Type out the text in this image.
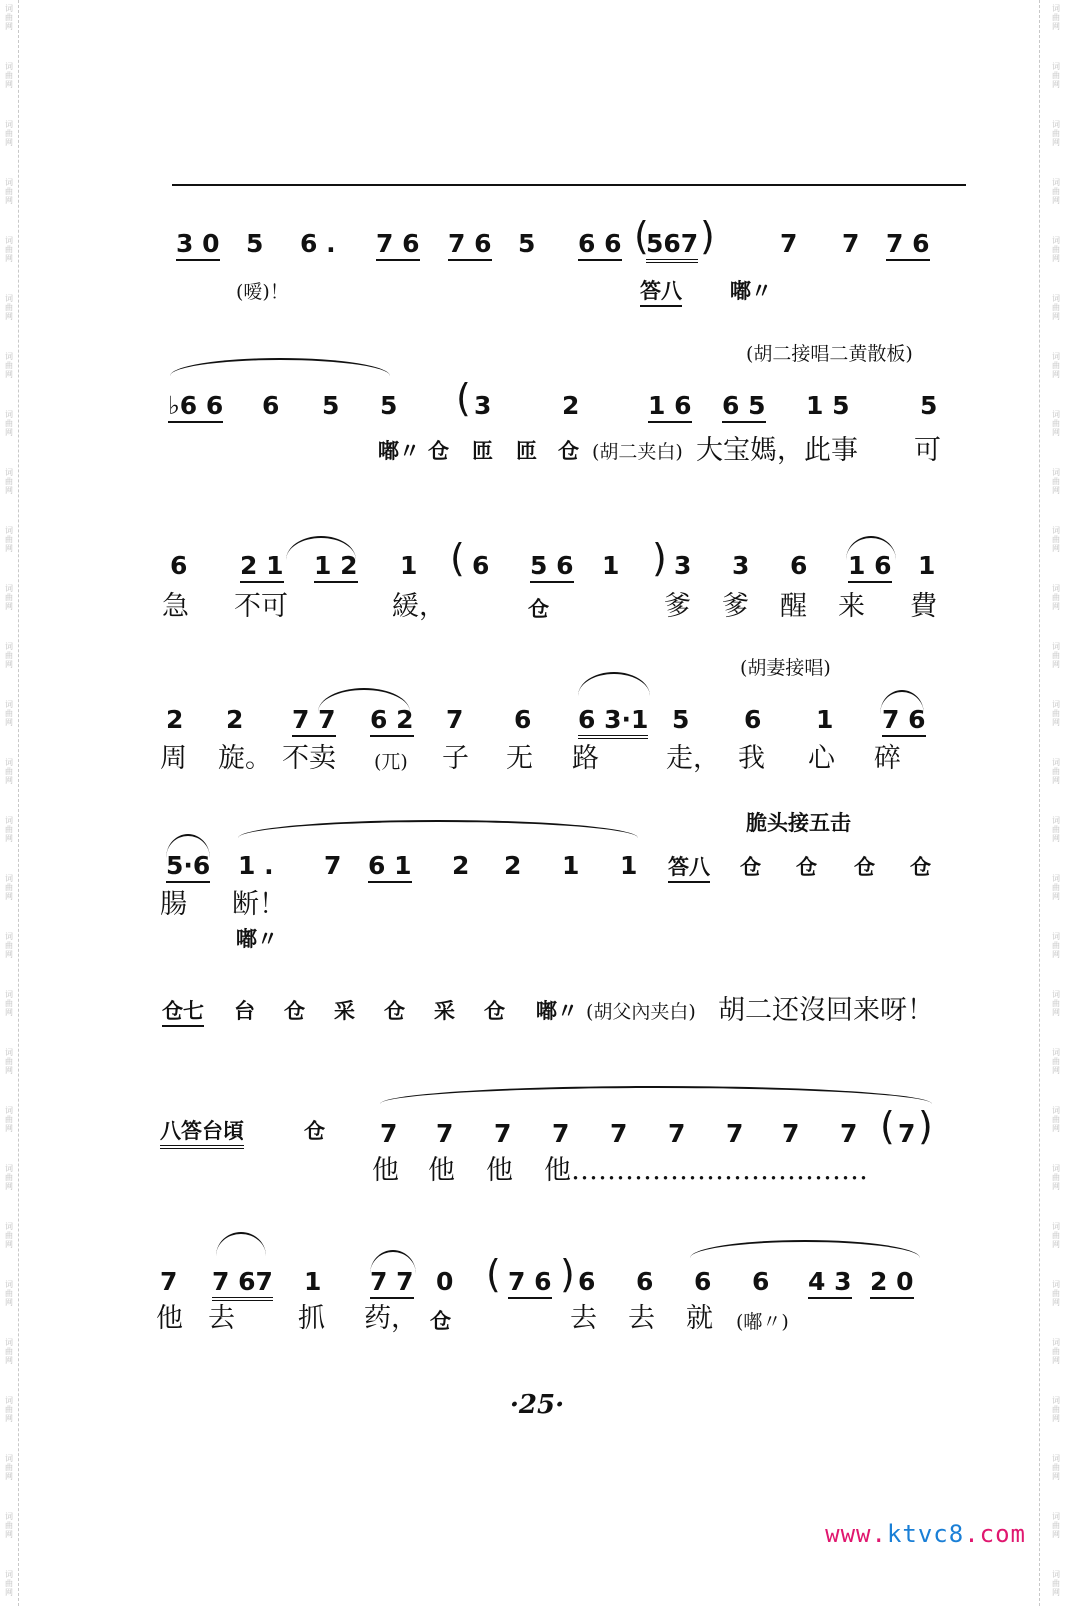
词曲网
词曲网
词曲网
词曲网
词曲网
词曲网
词曲网
词曲网
词曲网
词曲网
词曲网
词曲网
词曲网
词曲网
词曲网
词曲网
词曲网
词曲网
词曲网
词曲网
词曲网
词曲网
词曲网
词曲网
词曲网
词曲网
词曲网
词曲网
词曲网
词曲网
词曲网
词曲网
词曲网
词曲网
词曲网
词曲网
词曲网
词曲网
词曲网
词曲网
词曲网
词曲网
词曲网
词曲网
词曲网
词曲网
词曲网
词曲网
词曲网
词曲网
词曲网
词曲网
词曲网
词曲网
词曲网
词曲网
3 0 5 6 . 7 6 7 6 5 6 6 (
567 )	7 7 7 6
(嗳)！	答八 嘟〃
(胡二接唱二黄散板)
♭6 6 6 5 5 ( 3	2	1 6 6 5 1 5	5
嘟〃 仓 匝 匝 仓 (胡二夹白) 大宝媽，此事 可
6 2 1 1 2 1 ( 6 5 6 1 ) 3 3 6 1 6 1
急 不可	緩，	仓	爹 爹 醒 来 費
(胡妻接唱)
2 2 7 7 6 2 7 6 6 3·1 5 6 1 7 6
周 旋。 不卖 (兀) 子 无 路 走， 我 心 碎
脆头接五击
5·6 1 . 7 6 1 2 2 1 1 答八 仓 仓 仓 仓
腸 断！
嘟〃
仓七 台 仓 采 仓 采 仓 嘟〃 (胡父內夹白) 胡二还沒回来呀！
八答台頃	仓 7 7 7 7 7 7 7 7 7 ( 7 )
他 他 他 他……………………………
7 7 67 1 7 7 0 ( 7 6 ) 6 6 6 6 4 3 2 0
他 去 抓 药， 仓	去 去 就 (嘟〃)
·25·
www.ktvc8.com
